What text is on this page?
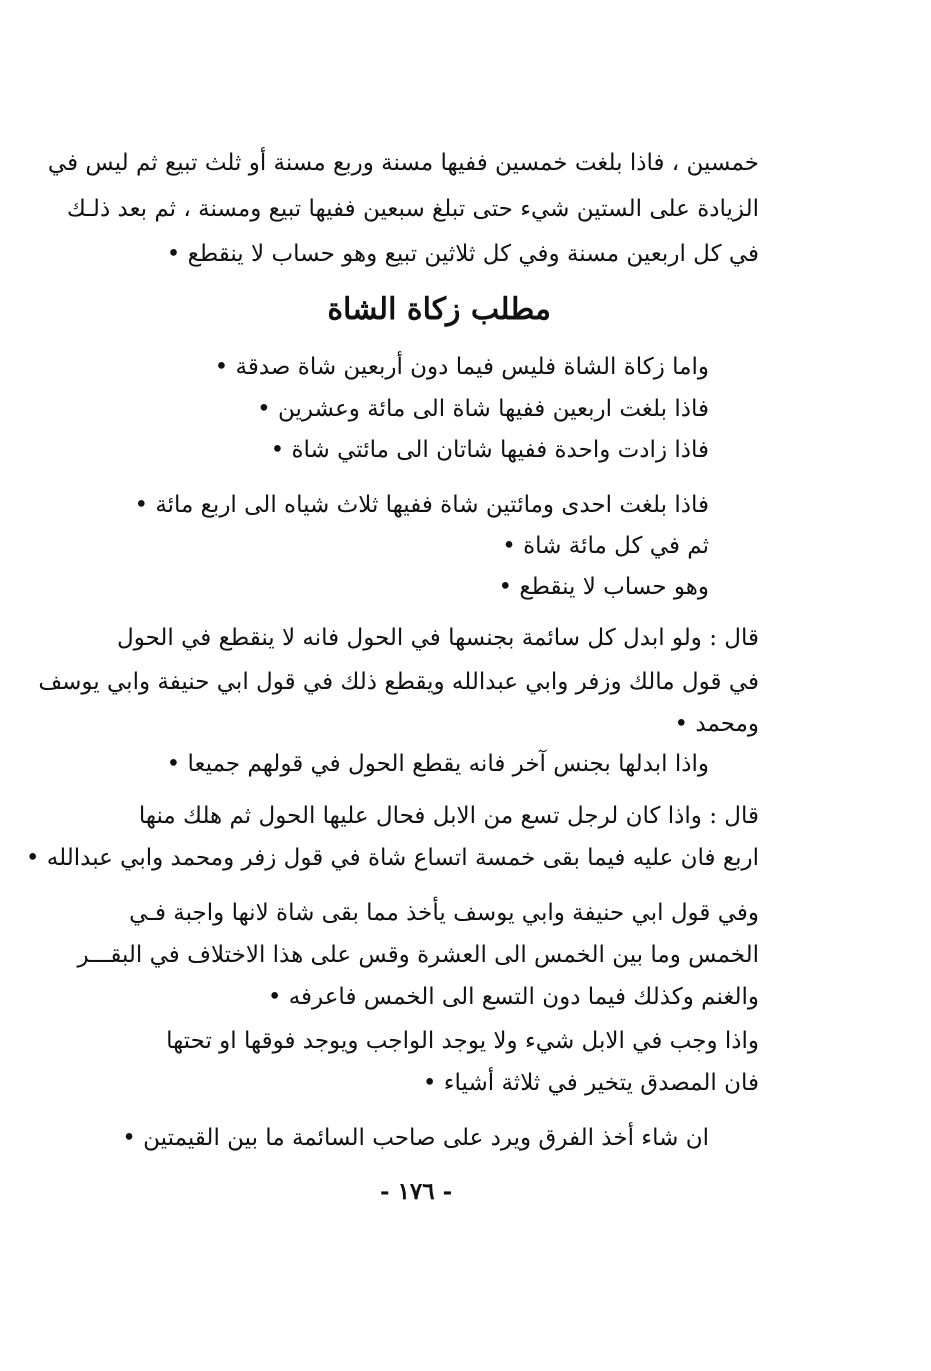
خمسين ، فاذا بلغت خمسين ففيها مسنة وربع مسنة أو ثلث تبيع ثم ليس في
الزيادة على الستين شيء حتى تبلغ سبعين ففيها تبيع ومسنة ، ثم بعد ذلـك
في كل اربعين مسنة وفي كل ثلاثين تبيع وهو حساب لا ينقطع •
مطلب زكاة الشاة
واما زكاة الشاة فليس فيما دون أربعين شاة صدقة •
فاذا بلغت اربعين ففيها شاة الى مائة وعشرين •
فاذا زادت واحدة ففيها شاتان الى مائتي شاة •
فاذا بلغت احدى ومائتين شاة ففيها ثلاث شياه الى اربع مائة •
ثم في كل مائة شاة •
وهو حساب لا ينقطع •
قال : ولو ابدل كل سائمة بجنسها في الحول فانه لا ينقطع في الحول
في قول مالك وزفر وابي عبدالله ويقطع ذلك في قول ابي حنيفة وابي يوسف
ومحمد •
واذا ابدلها بجنس آخر فانه يقطع الحول في قولهم جميعا •
قال : واذا كان لرجل تسع من الابل فحال عليها الحول ثم هلك منها
اربع فان عليه فيما بقى خمسة اتساع شاة في قول زفر ومحمد وابي عبدالله •
وفي قول ابي حنيفة وابي يوسف يأخذ مما بقى شاة لانها واجبة فـي
الخمس وما بين الخمس الى العشرة وقس على هذا الاختلاف في البقـــر
والغنم وكذلك فيما دون التسع الى الخمس فاعرفه •
واذا وجب في الابل شيء ولا يوجد الواجب ويوجد فوقها او تحتها
فان المصدق يتخير في ثلاثة أشياء •
ان شاء أخذ الفرق ويرد على صاحب السائمة ما بين القيمتين •
- ١٧٦ -
